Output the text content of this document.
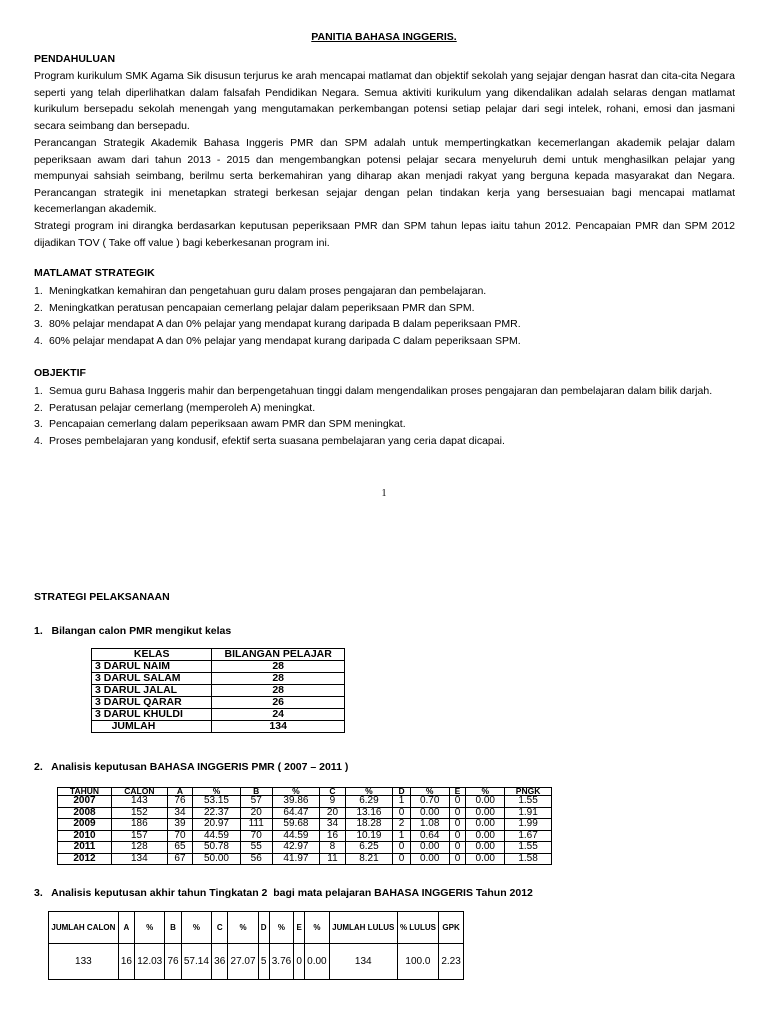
PANITIA BAHASA INGGERIS.
PENDAHULUAN
Program kurikulum SMK Agama Sik disusun terjurus ke arah mencapai matlamat dan objektif sekolah yang sejajar dengan hasrat dan cita-cita Negara seperti yang telah diperlihatkan dalam falsafah Pendidikan Negara. Semua aktiviti kurikulum yang dikendalikan adalah selaras dengan matlamat kurikulum bersepadu sekolah menengah yang mengutamakan perkembangan potensi setiap pelajar dari segi intelek, rohani, emosi dan jasmani secara seimbang dan bersepadu.
Perancangan Strategik Akademik Bahasa Inggeris PMR dan SPM adalah untuk mempertingkatkan kecemerlangan akademik pelajar dalam peperiksaan awam dari tahun 2013 - 2015 dan mengembangkan potensi pelajar secara menyeluruh demi untuk menghasilkan pelajar yang mempunyai sahsiah seimbang, berilmu serta berkemahiran yang diharap akan menjadi rakyat yang berguna kepada masyarakat dan Negara. Perancangan strategik ini menetapkan strategi berkesan sejajar dengan pelan tindakan kerja yang bersesuaian bagi mencapai matlamat kecemerlangan akademik.
Strategi program ini dirangka berdasarkan keputusan peperiksaan PMR dan SPM tahun lepas iaitu tahun 2012. Pencapaian PMR dan SPM 2012 dijadikan TOV ( Take off value ) bagi keberkesanan program ini.
MATLAMAT STRATEGIK
1. Meningkatkan kemahiran dan pengetahuan guru dalam proses pengajaran dan pembelajaran.
2. Meningkatkan peratusan pencapaian cemerlang pelajar dalam peperiksaan PMR dan SPM.
3. 80% pelajar mendapat A dan 0% pelajar yang mendapat kurang daripada B dalam peperiksaan PMR.
4. 60% pelajar mendapat A dan 0% pelajar yang mendapat kurang daripada C dalam peperiksaan SPM.
OBJEKTIF
1. Semua guru Bahasa Inggeris mahir dan berpengetahuan tinggi dalam mengendalikan proses pengajaran dan pembelajaran dalam bilik darjah.
2. Peratusan pelajar cemerlang (memperoleh A) meningkat.
3. Pencapaian cemerlang dalam peperiksaan awam PMR dan SPM meningkat.
4. Proses pembelajaran yang kondusif, efektif serta suasana pembelajaran yang ceria dapat dicapai.
1
STRATEGI PELAKSANAAN
1.   Bilangan calon PMR mengikut kelas
KELAS	BILANGAN PELAJAR
3 DARUL NAIM	28
3 DARUL SALAM	28
3 DARUL JALAL	28
3 DARUL QARAR	26
3 DARUL KHULDI	24
JUMLAH	134
2.   Analisis keputusan BAHASA INGGERIS PMR ( 2007 – 2011 )
TAHUN	CALON	A	%	B	%	C	%	D	%	E	%	PNGK
2007	143	76	53.15	57	39.86	9	6.29	1	0.70	0	0.00	1.55
2008	152	34	22.37	20	64.47	20	13.16	0	0.00	0	0.00	1.91
2009	186	39	20.97	111	59.68	34	18.28	2	1.08	0	0.00	1.99
2010	157	70	44.59	70	44.59	16	10.19	1	0.64	0	0.00	1.67
2011	128	65	50.78	55	42.97	8	6.25	0	0.00	0	0.00	1.55
2012	134	67	50.00	56	41.97	11	8.21	0	0.00	0	0.00	1.58
3.   Analisis keputusan akhir tahun Tingkatan 2  bagi mata pelajaran BAHASA INGGERIS Tahun 2012
JUMLAH CALON	A	%	B	%	C	%	D	%	E	%	JUMLAH LULUS	% LULUS	GPK
133	16	12.03	76	57.14	36	27.07	5	3.76	0	0.00	134	100.0	2.23
